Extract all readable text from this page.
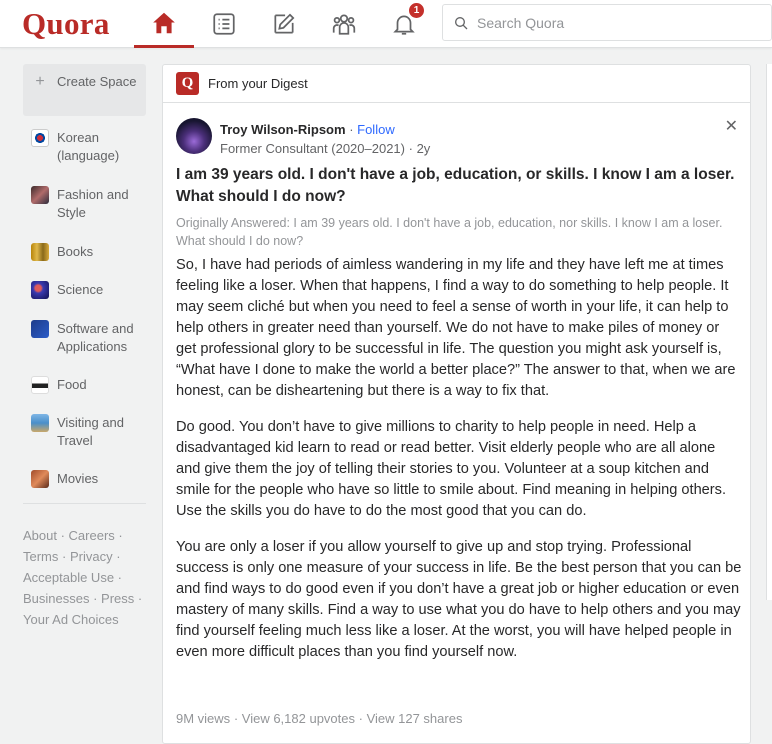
Quora	1
Search Quora
+ Create Space
Korean (language)
Fashion and Style
Books
Science
Software and Applications
Food
Visiting and Travel
Movies
About · Careers ·
Terms · Privacy ·
Acceptable Use ·
Businesses · Press ·
Your Ad Choices
Q	From your Digest
Troy Wilson-Ripsom · Follow
Former Consultant (2020–2021) · 2y
✕
I am 39 years old. I don't have a job, education, or skills. I know I am a loser. What should I do now?
Originally Answered: I am 39 years old. I don't have a job, education, nor skills. I know I am a loser. What should I do now?

So, I have had periods of aimless wandering in my life and they have left me at times feeling like a loser. When that happens, I find a way to do something to help people. It may seem cliché but when you need to feel a sense of worth in your life, it can help to help others in greater need than yourself. We do not have to make piles of money or get professional glory to be successful in life. The question you might ask yourself is, “What have I done to make the world a better place?” The answer to that, when we are honest, can be disheartening but there is a way to fix that.

Do good. You don’t have to give millions to charity to help people in need. Help a disadvantaged kid learn to read or read better. Visit elderly people who are all alone and give them the joy of telling their stories to you. Volunteer at a soup kitchen and smile for the people who have so little to smile about. Find meaning in helping others. Use the skills you do have to do the most good that you can do.

You are only a loser if you allow yourself to give up and stop trying. Professional success is only one measure of your success in life. Be the best person that you can be and find ways to do good even if you don’t have a great job or higher education or even mastery of many skills. Find a way to use what you do have to help others and you may find yourself feeling much less like a loser. At the worst, you will have helped people in even more difficult places than you find yourself now.

9M views · View 6,182 upvotes · View 127 shares
